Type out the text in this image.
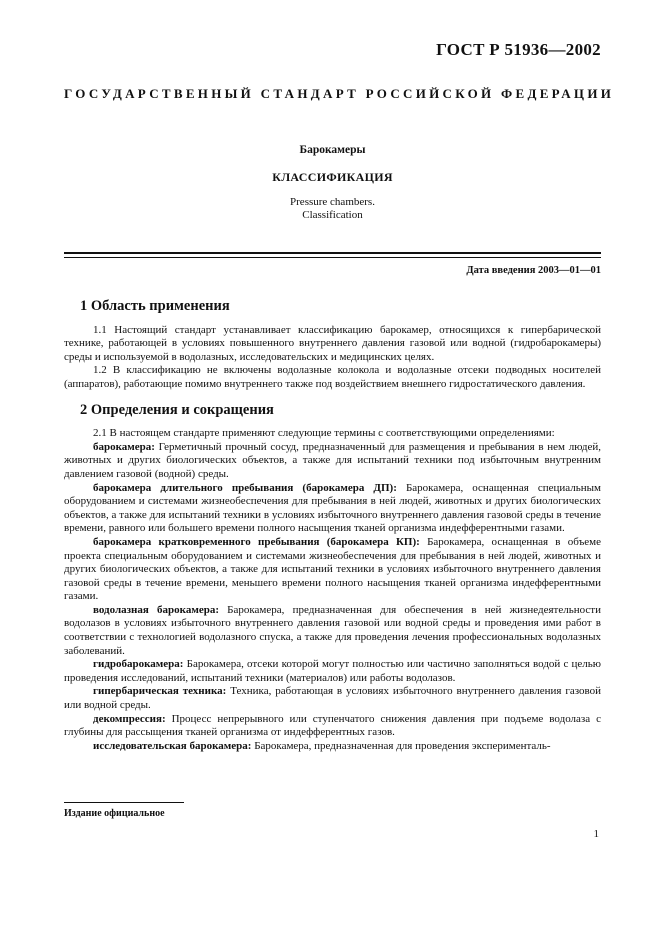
ГОСТ Р 51936—2002
ГОСУДАРСТВЕННЫЙ СТАНДАРТ РОССИЙСКОЙ ФЕДЕРАЦИИ
Барокамеры
КЛАССИФИКАЦИЯ
Pressure chambers.
Classification
Дата введения 2003—01—01
1 Область применения

1.1 Настоящий стандарт устанавливает классификацию барокамер, относящихся к гипербарической технике, работающей в условиях повышенного внутреннего давления газовой или водной (гидробарокамеры) среды и используемой в водолазных, исследовательских и медицинских целях.

1.2 В классификацию не включены водолазные колокола и водолазные отсеки подводных носителей (аппаратов), работающие помимо внутреннего также под воздействием внешнего гидростатического давления.

2 Определения и сокращения

2.1 В настоящем стандарте применяют следующие термины с соответствующими определениями:

барокамера: Герметичный прочный сосуд, предназначенный для размещения и пребывания в нем людей, животных и других биологических объектов, а также для испытаний техники под избыточным внутренним давлением газовой (водной) среды.

барокамера длительного пребывания (барокамера ДП): Барокамера, оснащенная специальным оборудованием и системами жизнеобеспечения для пребывания в ней людей, животных и других биологических объектов, а также для испытаний техники в условиях избыточного внутреннего давления газовой среды в течение времени, равного или большего времени полного насыщения тканей организма индефферентными газами.

барокамера кратковременного пребывания (барокамера КП): Барокамера, оснащенная в объеме проекта специальным оборудованием и системами жизнеобеспечения для пребывания в ней людей, животных и других биологических объектов, а также для испытаний техники в условиях избыточного внутреннего давления газовой среды в течение времени, меньшего времени полного насыщения тканей организма индефферентными газами.

водолазная барокамера: Барокамера, предназначенная для обеспечения в ней жизнедеятельности водолазов в условиях избыточного внутреннего давления газовой или водной среды и проведения ими работ в соответствии с технологией водолазного спуска, а также для проведения лечения профессиональных водолазных заболеваний.

гидробарокамера: Барокамера, отсеки которой могут полностью или частично заполняться водой с целью проведения исследований, испытаний техники (материалов) или работы водолазов.

гипербарическая техника: Техника, работающая в условиях избыточного внутреннего давления газовой или водной среды.

декомпрессия: Процесс непрерывного или ступенчатого снижения давления при подъеме водолаза с глубины для рассыщения тканей организма от индефферентных газов.

исследовательская барокамера: Барокамера, предназначенная для проведения эксперименталь-

Издание официальное
1
